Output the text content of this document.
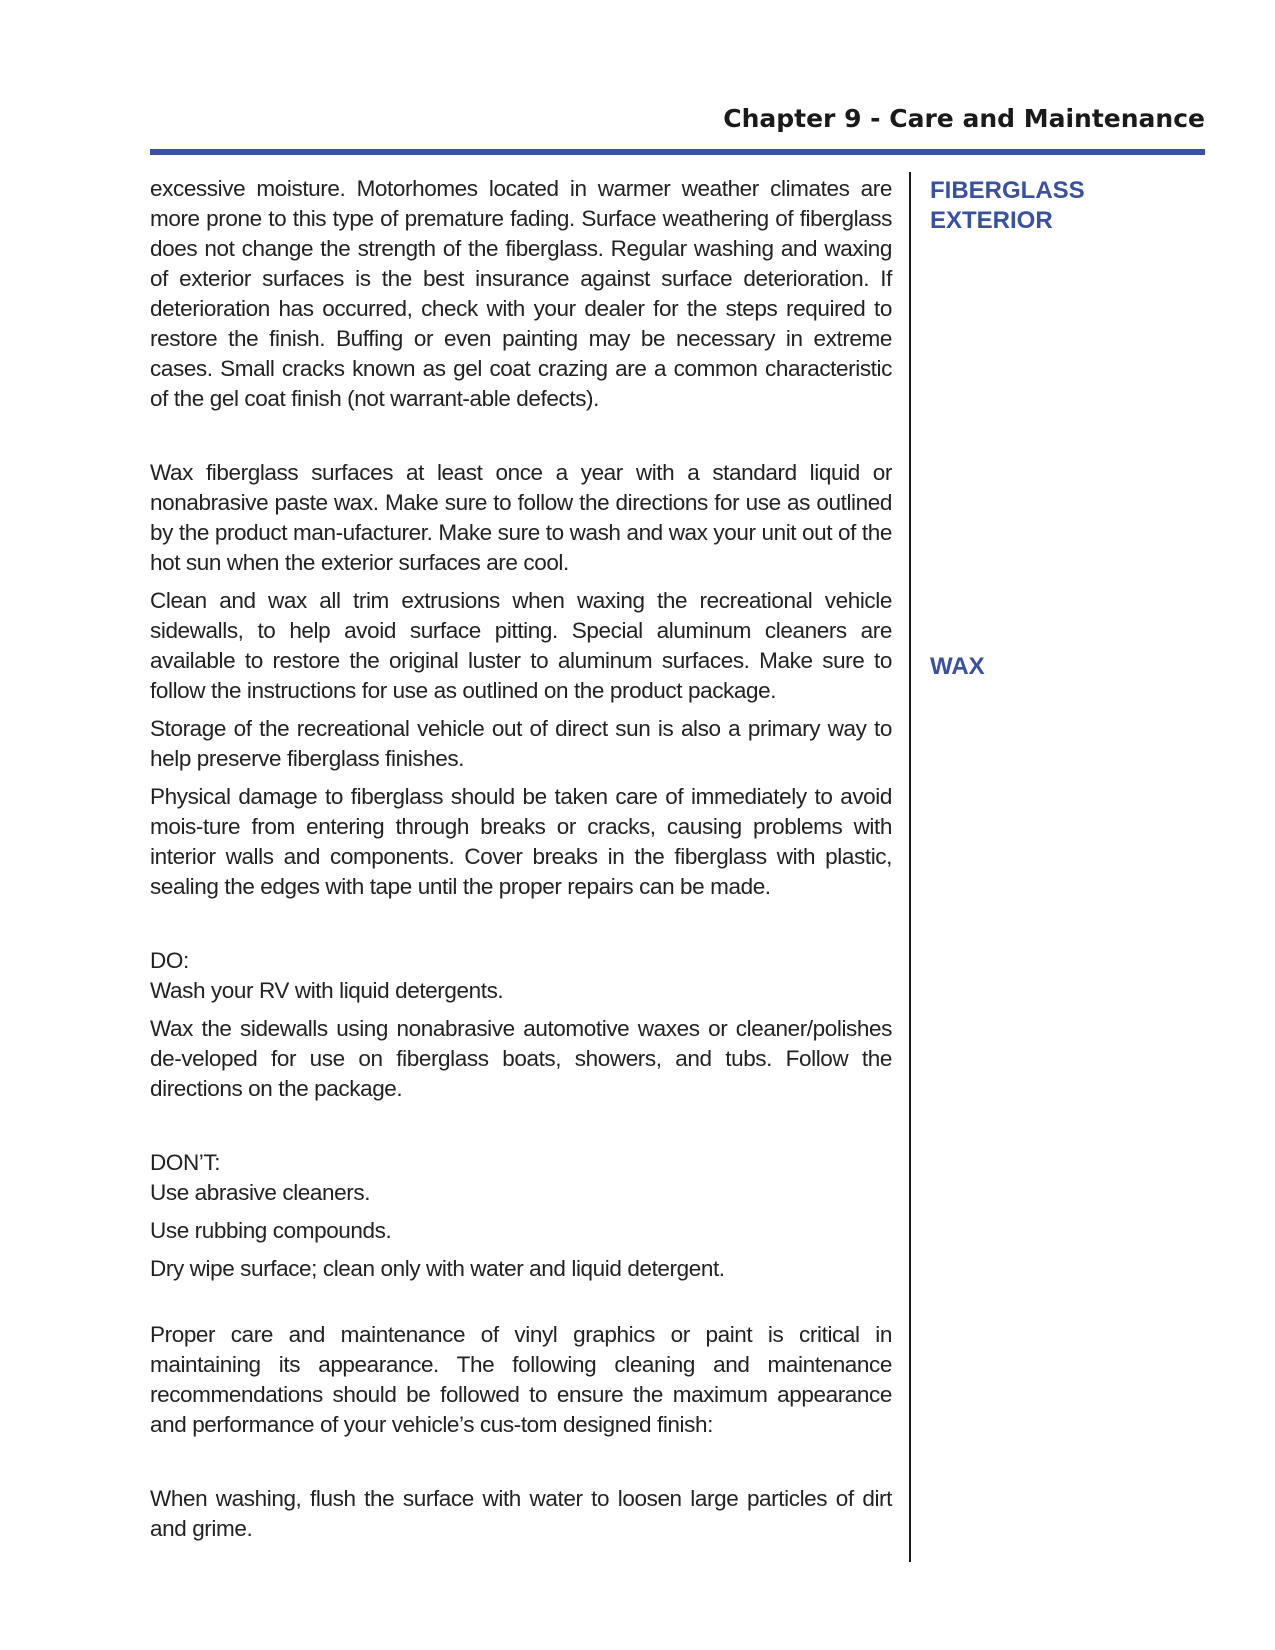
Chapter 9 - Care and Maintenance

excessive moisture. Motorhomes located in warmer weather climates are more prone to this type of premature fading. Surface weathering of fiberglass does not change the strength of the fiberglass. Regular washing and waxing of exterior surfaces is the best insurance against surface deterioration. If deterioration has occurred, check with your dealer for the steps required to restore the finish. Buffing or even painting may be necessary in extreme cases. Small cracks known as gel coat crazing are a common characteristic of the gel coat finish (not warrant-able defects).

Wax fiberglass surfaces at least once a year with a standard liquid or nonabrasive paste wax. Make sure to follow the directions for use as outlined by the product man-ufacturer. Make sure to wash and wax your unit out of the hot sun when the exterior surfaces are cool.

Clean and wax all trim extrusions when waxing the recreational vehicle sidewalls, to help avoid surface pitting. Special aluminum cleaners are available to restore the original luster to aluminum surfaces. Make sure to follow the instructions for use as outlined on the product package.

Storage of the recreational vehicle out of direct sun is also a primary way to help preserve fiberglass finishes.

Physical damage to fiberglass should be taken care of immediately to avoid mois-ture from entering through breaks or cracks, causing problems with interior walls and components. Cover breaks in the fiberglass with plastic, sealing the edges with tape until the proper repairs can be made.

DO:

Wash your RV with liquid detergents.

Wax the sidewalls using nonabrasive automotive waxes or cleaner/polishes de-veloped for use on fiberglass boats, showers, and tubs. Follow the directions on the package.

DON’T:

Use abrasive cleaners.

Use rubbing compounds.

Dry wipe surface; clean only with water and liquid detergent.

Proper care and maintenance of vinyl graphics or paint is critical in maintaining its appearance. The following cleaning and maintenance recommendations should be followed to ensure the maximum appearance and performance of your vehicle’s cus-tom designed finish:

When washing, flush the surface with water to loosen large particles of dirt and grime.

FIBERGLASS
EXTERIOR
WAX
